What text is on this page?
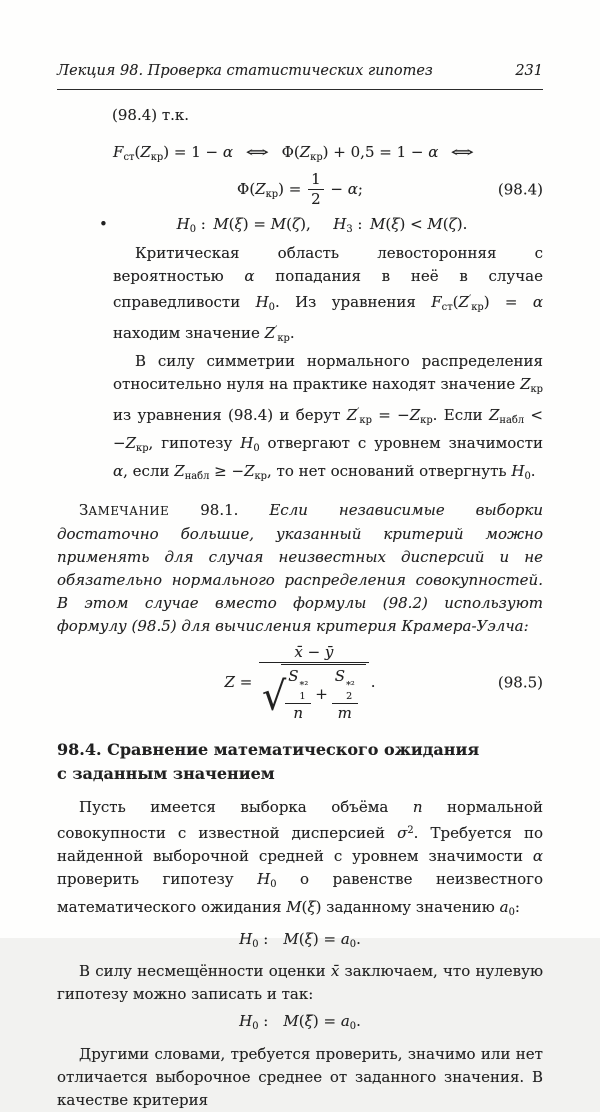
Лекция 98. Проверка статистических гипотез	231
(98.4) т.к.
$F_{ст}(Z_{кр}) = 1 - \alpha$ ⇔ $\Phi(Z_{кр}) + 0,5 = 1 - \alpha$ ⇔
$\Phi(Z_{кр}) = \frac{1}{2} - \alpha$;	(98.4)
•	$H_0$ : M(ξ) = M(ζ),   $H_3$ : M(ξ) < M(ζ).

Критическая область левосторонняя с вероятностью α попадания в неё в случае справедливости $H_0$. Из уравнения $F_{ст}(Z'_{кр}) = \alpha$ находим значение $Z'_{кр}$.

В силу симметрии нормального распределения относительно нуля на практике находят значение $Z_{кр}$ из уравнения (98.4) и берут $Z'_{кр} = -Z_{кр}$. Если $Z_{набл} < -Z_{кр}$, гипотезу $H_0$ отвергают с уровнем значимости α, если $Z_{набл} \ge -Z_{кр}$, то нет оснований отвергнуть $H_0$.

ЗАМЕЧАНИЕ 98.1. Если независимые выборки достаточно большие, указанный критерий можно применять для случая неизвестных дисперсий и не обязательно нормального распределения совокупностей. В этом случае вместо формулы (98.2) используют формулу (98.5) для вычисления критерия Крамера-Уэлча:

Z = x̄ − ȳ
√ S
*²
1
n + S
*²
2
m .	(98.5)
98.4. Сравнение математического ожидания
с заданным значением

Пусть имеется выборка объёма n нормальной совокупности с известной дисперсией $\sigma^2$. Требуется по найденной выборочной средней с уровнем значимости α проверить гипотезу $H_0$ о равенстве неизвестного математического ожидания M(ξ) заданному значению $a_0$:

$H_0$ : $M(\xi) = a_0$.

В силу несмещённости оценки x̄ заключаем, что нулевую гипотезу можно записать и так:

$H_0$ : M(ξ̄) = $a_0$.

Другими словами, требуется проверить, значимо или нет отличается выборочное среднее от заданного значения. В качестве критерия
